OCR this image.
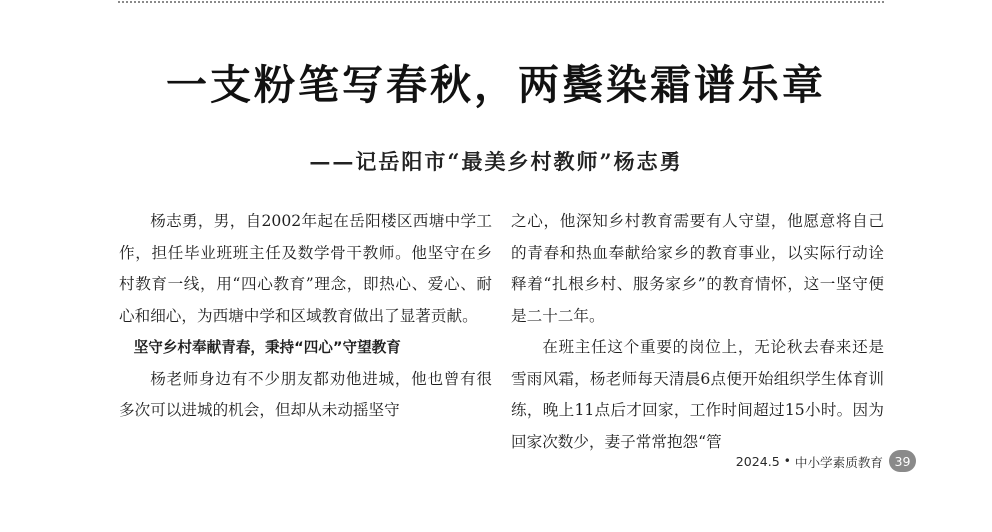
一支粉笔写春秋，两鬓染霜谱乐章
——记岳阳市“最美乡村教师”杨志勇

杨志勇，男，自2002年起在岳阳楼区西塘中学工作，担任毕业班班主任及数学骨干教师。他坚守在乡村教育一线，用“四心教育”理念，即热心、爱心、耐心和细心，为西塘中学和区域教育做出了显著贡献。

坚守乡村奉献青春，秉持“四心”守望教育

杨老师身边有不少朋友都劝他进城，他也曾有很多次可以进城的机会，但却从未动摇坚守

之心，他深知乡村教育需要有人守望，他愿意将自己的青春和热血奉献给家乡的教育事业，以实际行动诠释着“扎根乡村、服务家乡”的教育情怀，这一坚守便是二十二年。

在班主任这个重要的岗位上，无论秋去春来还是雪雨风霜，杨老师每天清晨6点便开始组织学生体育训练，晚上11点后才回家，工作时间超过15小时。因为回家次数少，妻子常常抱怨“管

2024.5 • 中小学素质教育 39
